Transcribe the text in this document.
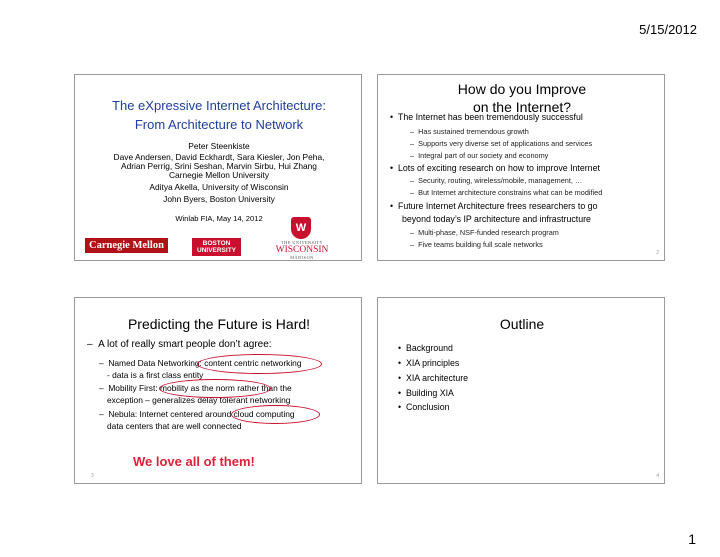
5/15/2012
The eXpressive Internet Architecture:
From Architecture to Network
Peter Steenkiste
Dave Andersen, David Eckhardt, Sara Kiesler, Jon Peha,
Adrian Perrig, Srini Seshan, Marvin Sirbu, Hui Zhang
Carnegie Mellon University
Aditya Akella, University of Wisconsin
John Byers, Boston University
Winlab FIA, May 14, 2012
Carnegie Mellon	BOSTON
UNIVERSITY
W
THE UNIVERSITY
WISCONSIN
MADISON
How do you Improve
on the Internet?
•  The Internet has been tremendously successful
–  Has sustained tremendous growth
–  Supports very diverse set of applications and services
–  Integral part of our society and economy
•  Lots of exciting research on how to improve Internet
–  Security, routing, wireless/mobile, management, …
–  But Internet architecture constrains what can be modified
•  Future Internet Architecture frees researchers to go
beyond today’s IP architecture and infrastructure
–  Multi-phase, NSF-funded research program
–  Five teams building full scale networks
2
Predicting the Future is Hard!
–  A lot of really smart people don’t agree:
–  Named Data Networking: content centric networking
- data is a first class entity
–  Mobility First: mobility as the norm rather than the
exception – generalizes delay tolerant networking
–  Nebula: Internet centered around cloud computing
data centers that are well connected
We love all of them!
3
Outline
•  Background
•  XIA principles
•  XIA architecture
•  Building XIA
•  Conclusion
4
1
